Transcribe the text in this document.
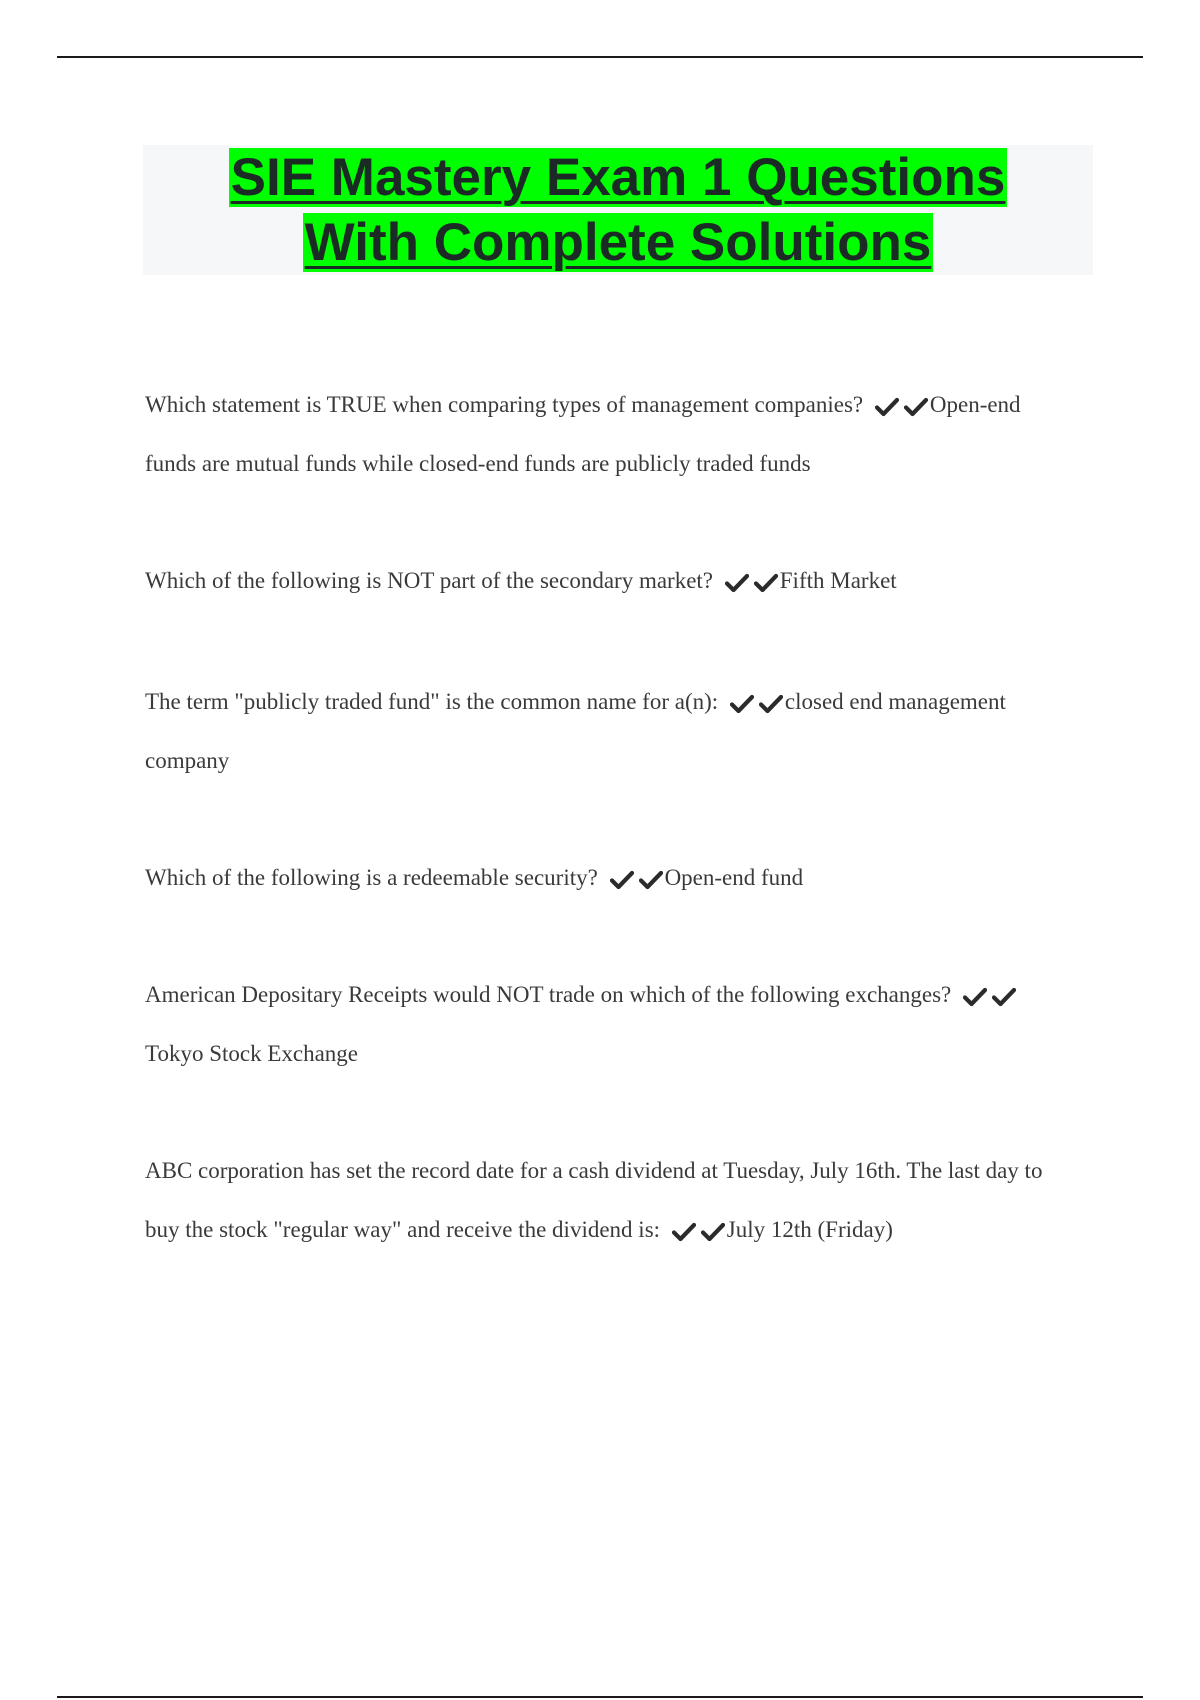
SIE Mastery Exam 1 Questions
With Complete Solutions
Which statement is TRUE when comparing types of management companies?	Open-end funds are mutual funds while closed-end funds are publicly traded funds
Which of the following is NOT part of the secondary market?	Fifth Market
The term "publicly traded fund" is the common name for a(n):	closed end management company
Which of the following is a redeemable security?	Open-end fund
American Depositary Receipts would NOT trade on which of the following exchanges?
Tokyo Stock Exchange
ABC corporation has set the record date for a cash dividend at Tuesday, July 16th. The last day to buy the stock "regular way" and receive the dividend is:	July 12th (Friday)
